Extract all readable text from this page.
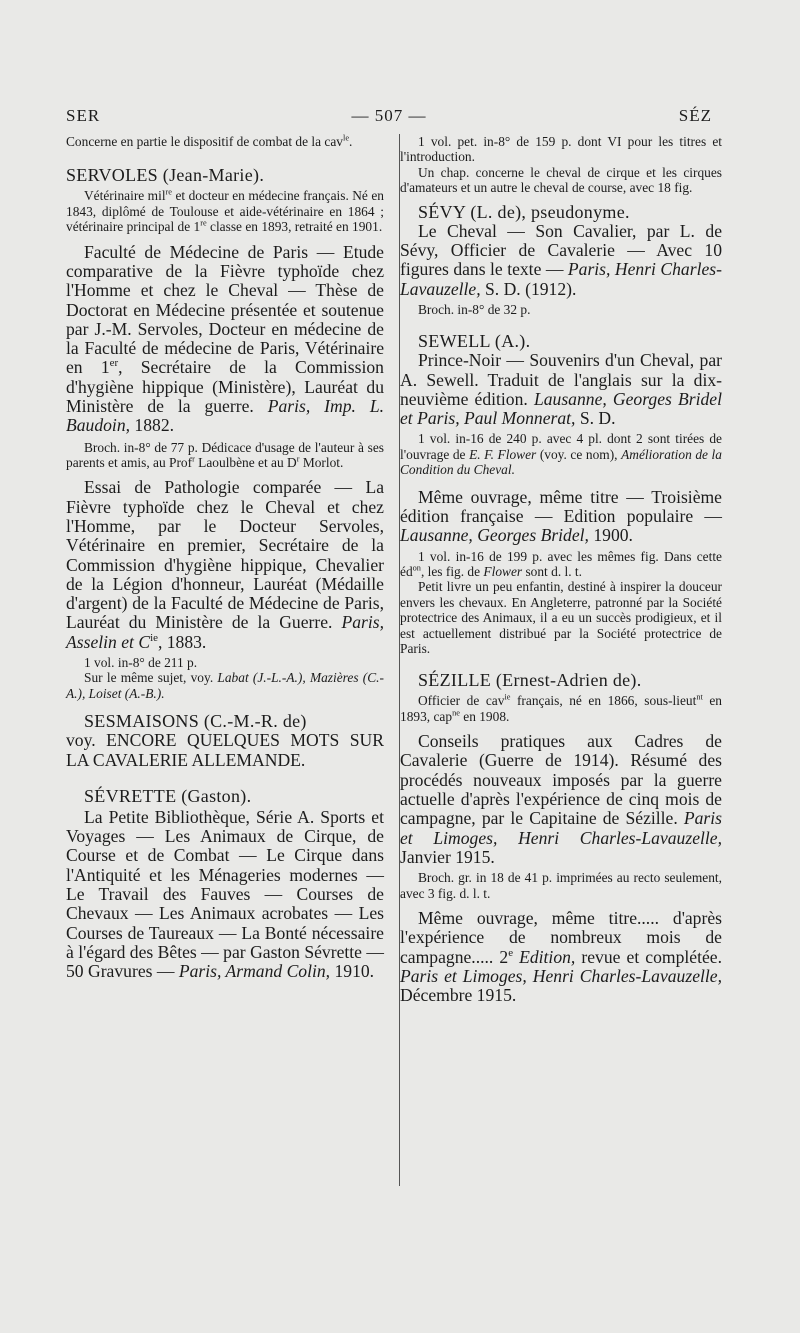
SER	— 507 —	SÉZ

Concerne en partie le dispositif de combat de la cav$^{le}$.

SERVOLES (Jean-Marie).

Vétérinaire mil$^{re}$ et docteur en médecine français. Né en 1843, diplômé de Toulouse et aide-vétérinaire en 1864 ; vétérinaire principal de 1re classe en 1893, retraité en 1901.

Faculté de Médecine de Paris — Etude comparative de la Fièvre typhoïde chez l'Homme et chez le Cheval — Thèse de Doctorat en Médecine présentée et soutenue par J.-M. Servoles, Docteur en médecine de la Faculté de médecine de Paris, Vétérinaire en 1er, Secrétaire de la Commission d'hygiène hippique (Ministère), Lauréat du Ministère de la guerre. Paris, Imp. L. Baudoin, 1882.

Broch. in-8° de 77 p. Dédicace d'usage de l'auteur à ses parents et amis, au Prof$^r$ Laoulbène et au $D^r$ Morlot.

Essai de Pathologie comparée — La Fièvre typhoïde chez le Cheval et chez l'Homme, par le Docteur Servoles, Vétérinaire en premier, Secrétaire de la Commission d'hygiène hippique, Chevalier de la Légion d'honneur, Lauréat (Médaille d'argent) de la Faculté de Médecine de Paris, Lauréat du Ministère de la Guerre. Paris, Asselin et $C^{ie}$, 1883.

1 vol. in-8° de 211 p.

Sur le même sujet, voy. Labat (J.-L.-A.), Mazières (C.-A.), Loiset (A.-B.).

SESMAISONS (C.-M.-R. de)

voy. ENCORE QUELQUES MOTS SUR LA CAVALERIE ALLEMANDE.

SÉVRETTE (Gaston).

La Petite Bibliothèque, Série A. Sports et Voyages — Les Animaux de Cirque, de Course et de Combat — Le Cirque dans l'Antiquité et les Ménageries modernes — Le Travail des Fauves — Courses de Chevaux — Les Animaux acrobates — Les Courses de Taureaux — La Bonté nécessaire à l'égard des Bêtes — par Gaston Sévrette — 50 Gravures — Paris, Armand Colin, 1910.

1 vol. pet. in-8° de 159 p. dont VI pour les titres et l'introduction.

Un chap. concerne le cheval de cirque et les cirques d'amateurs et un autre le cheval de course, avec 18 fig.

SÉVY (L. de), pseudonyme.

Le Cheval — Son Cavalier, par L. de Sévy, Officier de Cavalerie — Avec 10 figures dans le texte — Paris, Henri Charles-Lavauzelle, S. D. (1912).

Broch. in-8° de 32 p.

SEWELL (A.).

Prince-Noir — Souvenirs d'un Cheval, par A. Sewell. Traduit de l'anglais sur la dix-neuvième édition. Lausanne, Georges Bridel et Paris, Paul Monnerat, S. D.

1 vol. in-16 de 240 p. avec 4 pl. dont 2 sont tirées de l'ouvrage de E. F. Flower (voy. ce nom), Amélioration de la Condition du Cheval.

Même ouvrage, même titre — Troisième édition française — Edition populaire — Lausanne, Georges Bridel, 1900.

1 vol. in-16 de 199 p. avec les mêmes fig. Dans cette $éd^{on}$, les fig. de Flower sont d. l. t.

Petit livre un peu enfantin, destiné à inspirer la douceur envers les chevaux. En Angleterre, patronné par la Société protectrice des Animaux, il a eu un succès prodigieux, et il est actuellement distribué par la Société protectrice de Paris.

SÉZILLE (Ernest-Adrien de).

Officier de cav$^{ie}$ français, né en 1866, sous-lieut$^{nt}$ en 1893, cap$^{ne}$ en 1908.

Conseils pratiques aux Cadres de Cavalerie (Guerre de 1914). Résumé des procédés nouveaux imposés par la guerre actuelle d'après l'expérience de cinq mois de campagne, par le Capitaine de Sézille. Paris et Limoges, Henri Charles-Lavauzelle, Janvier 1915.

Broch. gr. in 18 de 41 p. imprimées au recto seulement, avec 3 fig. d. l. t.

Même ouvrage, même titre..... d'après l'expérience de nombreux mois de campagne..... 2e Edition, revue et complétée. Paris et Limoges, Henri Charles-Lavauzelle, Décembre 1915.
